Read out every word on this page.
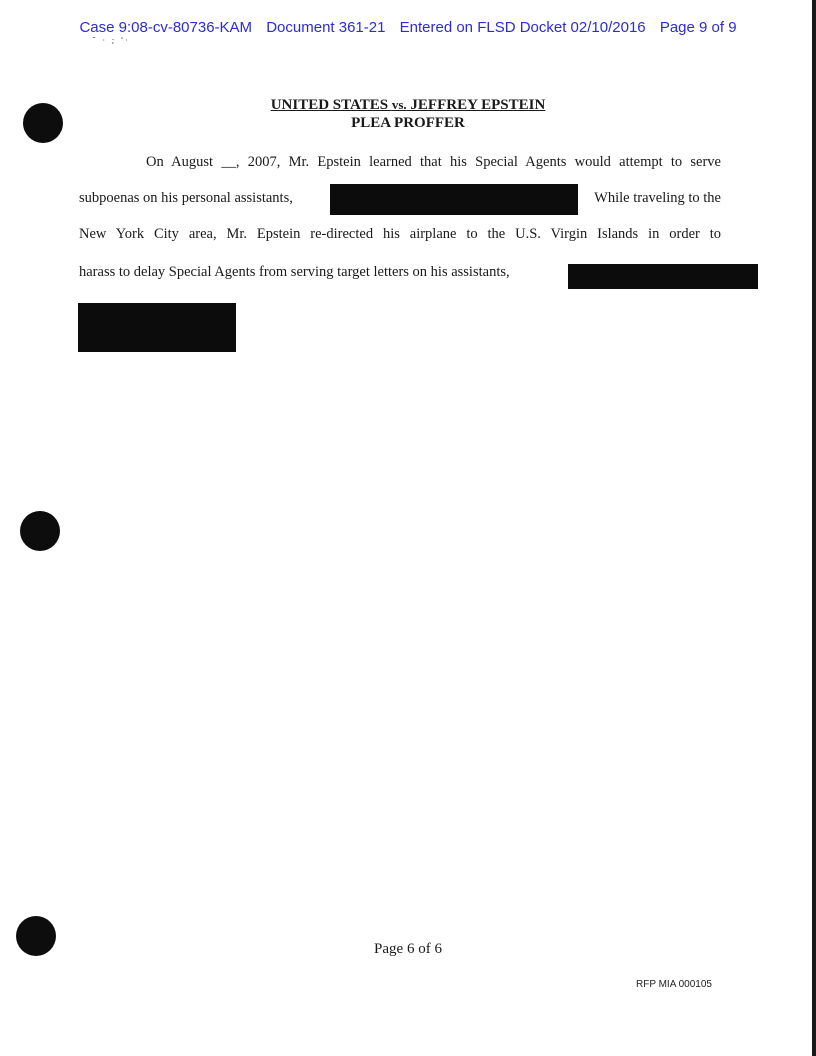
Case 9:08-cv-80736-KAM Document 361-21 Entered on FLSD Docket 02/10/2016 Page 9 of 9
˜ · ; '·
UNITED STATES vs. JEFFREY EPSTEIN
PLEA PROFFER
On August __, 2007, Mr. Epstein learned that his Special Agents would attempt to serve
subpoenas on his personal assistants,	While traveling to the
New York City area, Mr. Epstein re-directed his airplane to the U.S. Virgin Islands in order to
harass to delay Special Agents from serving target letters on his assistants,
Page 6 of 6
RFP MIA 000105
